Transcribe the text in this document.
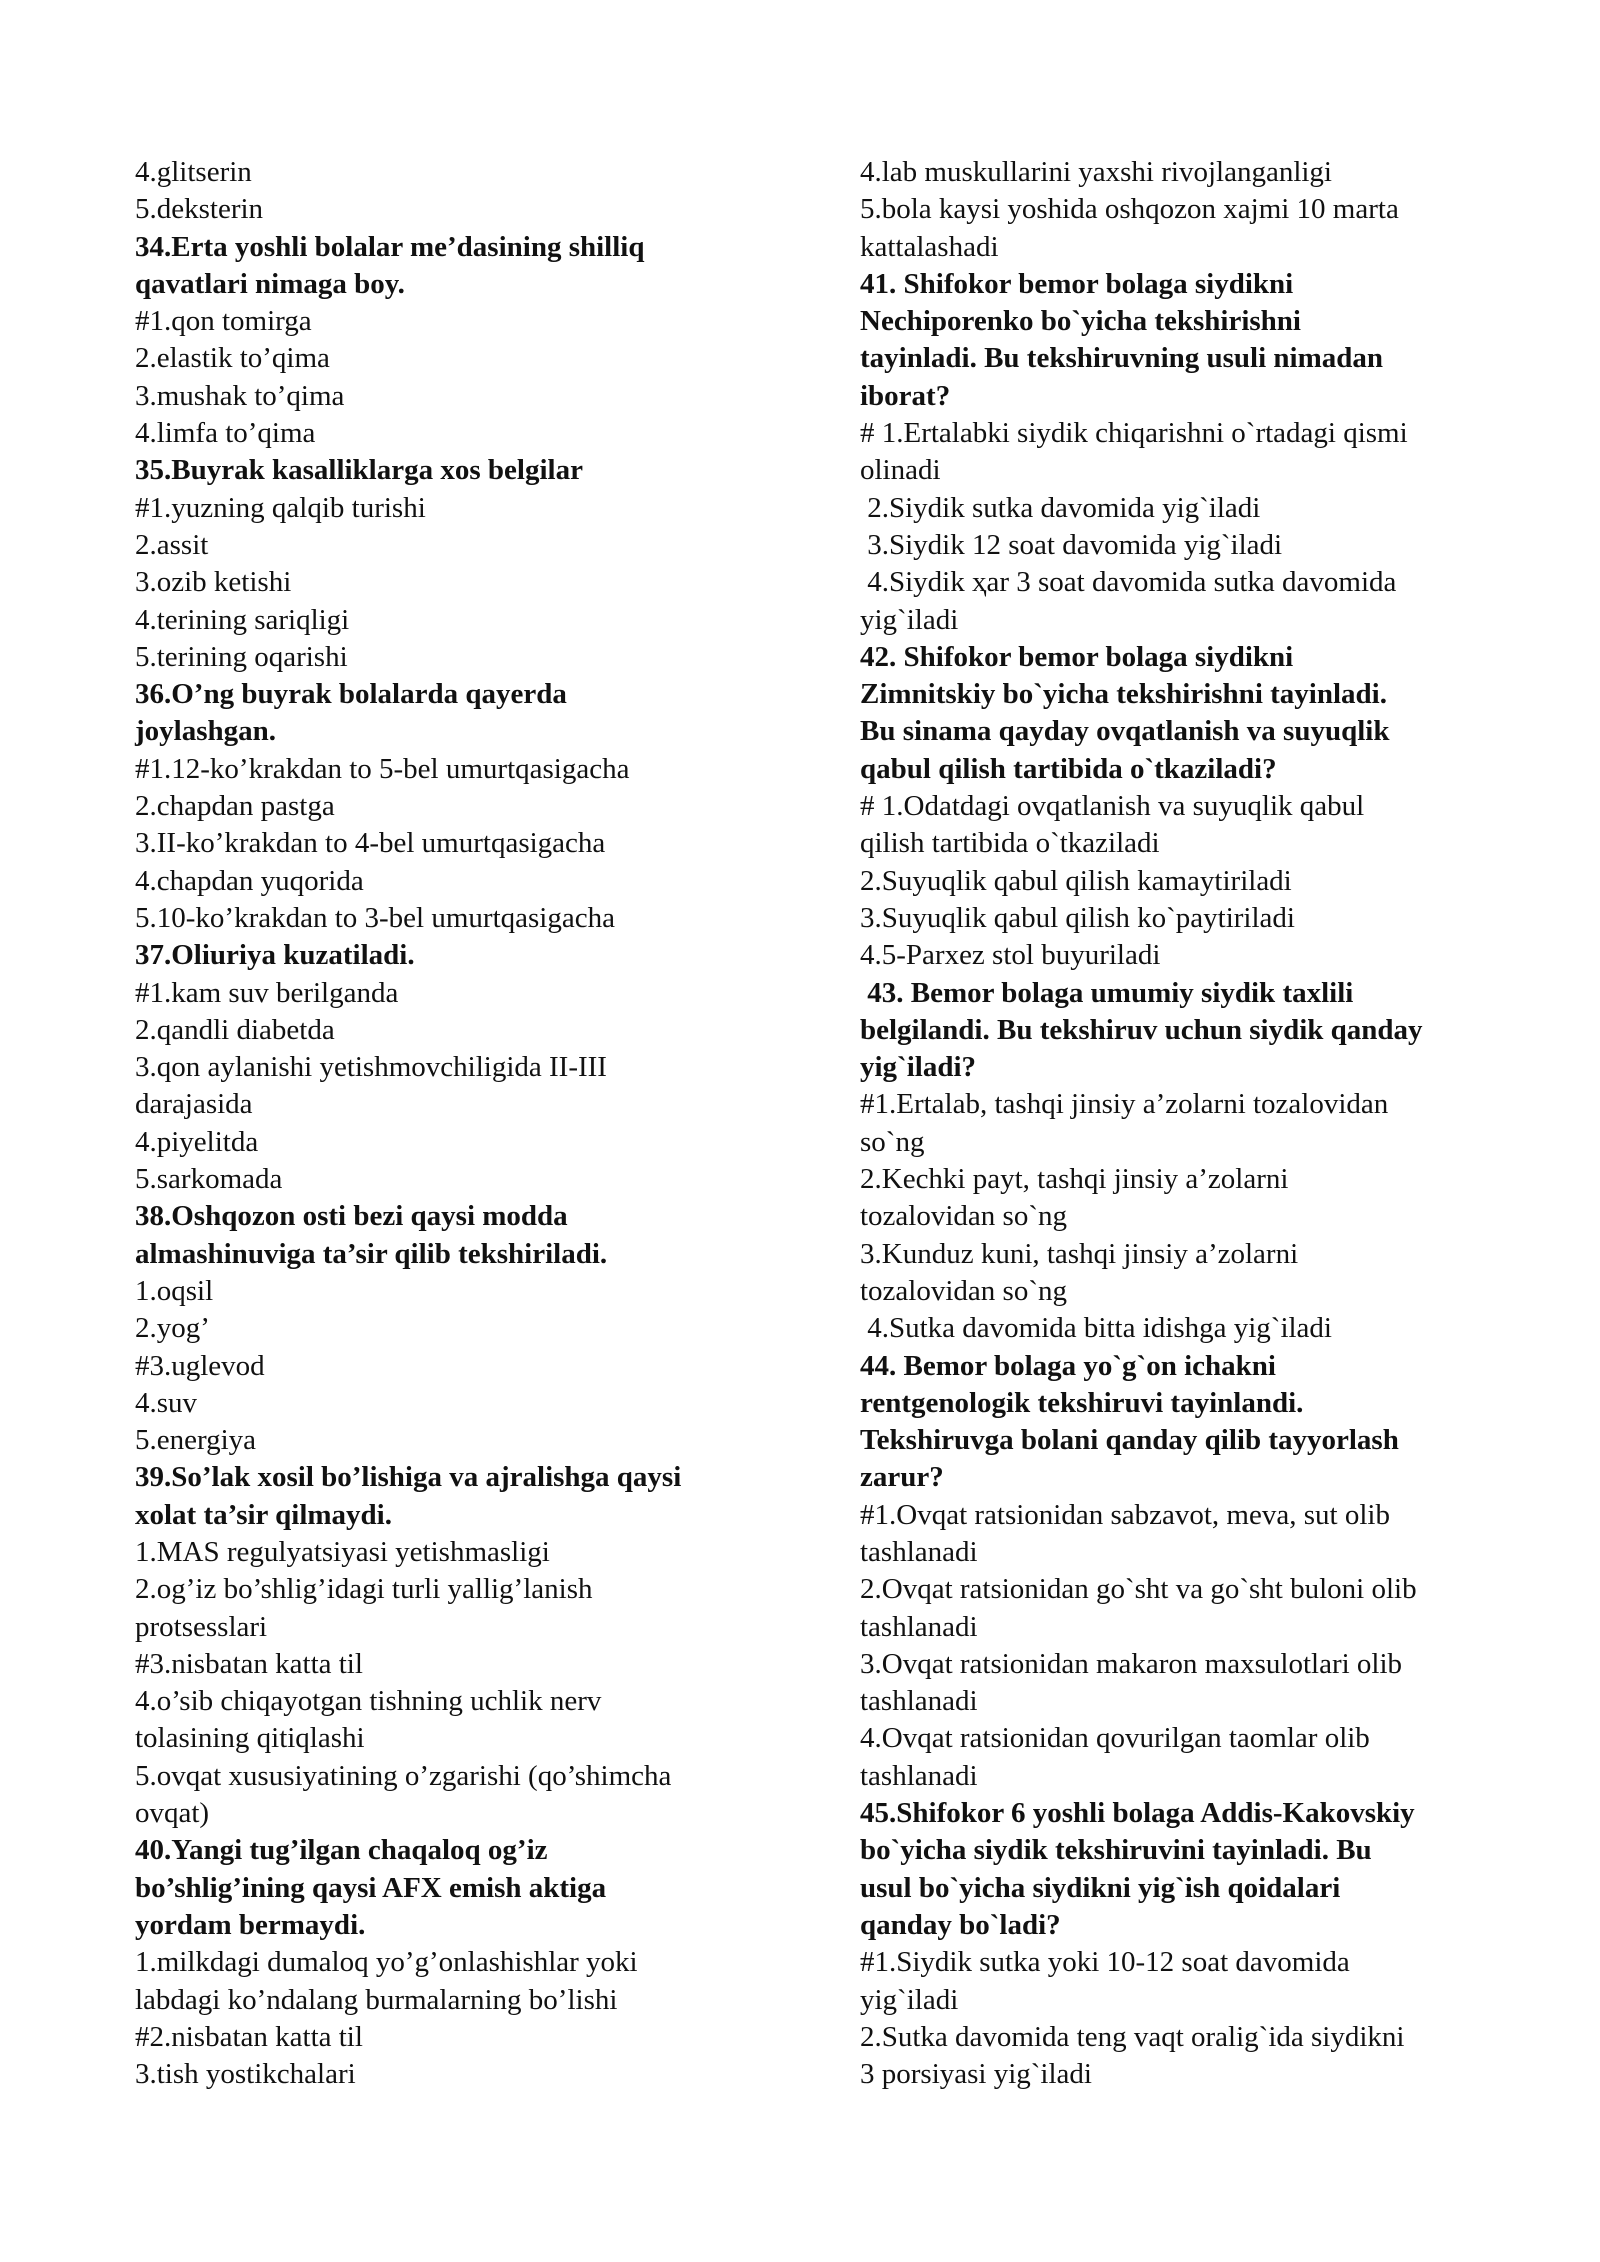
4.glitserin
5.deksterin
34.Erta yoshli bolalar me’dasining shilliq
qavatlari nimaga boy.
#1.qon tomirga
2.elastik to’qima
3.mushak to’qima
4.limfa to’qima
35.Buyrak kasalliklarga xos belgilar
#1.yuzning qalqib turishi
2.assit
3.ozib ketishi
4.terining sariqligi
5.terining oqarishi
36.O’ng buyrak bolalarda qayerda
joylashgan.
#1.12-ko’krakdan to 5-bel umurtqasigacha
2.chapdan pastga
3.II-ko’krakdan to 4-bel umurtqasigacha
4.chapdan yuqorida
5.10-ko’krakdan to 3-bel umurtqasigacha
37.Oliuriya kuzatiladi.
#1.kam suv berilganda
2.qandli diabetda
3.qon aylanishi yetishmovchiligida II-III
darajasida
4.piyelitda
5.sarkomada
38.Oshqozon osti bezi qaysi modda
almashinuviga ta’sir qilib tekshiriladi.
1.oqsil
2.yog’
#3.uglevod
4.suv
5.energiya
39.So’lak xosil bo’lishiga va ajralishga qaysi
xolat ta’sir qilmaydi.
1.MAS regulyatsiyasi yetishmasligi
2.og’iz bo’shlig’idagi turli yallig’lanish
protsesslari
#3.nisbatan katta til
4.o’sib chiqayotgan tishning uchlik nerv
tolasining qitiqlashi
5.ovqat xususiyatining o’zgarishi (qo’shimcha
ovqat)
40.Yangi tug’ilgan chaqaloq og’iz
bo’shlig’ining qaysi AFX emish aktiga
yordam bermaydi.
1.milkdagi dumaloq yo’g’onlashishlar yoki
labdagi ko’ndalang burmalarning bo’lishi
#2.nisbatan katta til
3.tish yostikchalari
4.lab muskullarini yaxshi rivojlanganligi
5.bola kaysi yoshida oshqozon xajmi 10 marta
kattalashadi
41. Shifokor bemor bolaga siydikni
Nechiporenko bo`yicha tekshirishni
tayinladi. Bu tekshiruvning usuli nimadan
iborat?
# 1.Ertalabki siydik chiqarishni o`rtadagi qismi
olinadi
2.Siydik sutka davomida yig`iladi
3.Siydik 12 soat davomida yig`iladi
4.Siydik ҳar 3 soat davomida sutka davomida
yig`iladi
42. Shifokor bemor bolaga siydikni
Zimnitskiy bo`yicha tekshirishni tayinladi.
Bu sinama qayday ovqatlanish va suyuqlik
qabul qilish tartibida o`tkaziladi?
# 1.Odatdagi ovqatlanish va suyuqlik qabul
qilish tartibida o`tkaziladi
2.Suyuqlik qabul qilish kamaytiriladi
3.Suyuqlik qabul qilish ko`paytiriladi
4.5-Parxez stol buyuriladi
43. Bemor bolaga umumiy siydik taxlili
belgilandi. Bu tekshiruv uchun siydik qanday
yig`iladi?
#1.Ertalab, tashqi jinsiy a’zolarni tozalovidan
so`ng
2.Kechki payt, tashqi jinsiy a’zolarni
tozalovidan so`ng
3.Kunduz kuni, tashqi jinsiy a’zolarni
tozalovidan so`ng
4.Sutka davomida bitta idishga yig`iladi
44. Bemor bolaga yo`g`on ichakni
rentgenologik tekshiruvi tayinlandi.
Tekshiruvga bolani qanday qilib tayyorlash
zarur?
#1.Ovqat ratsionidan sabzavot, meva, sut olib
tashlanadi
2.Ovqat ratsionidan go`sht va go`sht buloni olib
tashlanadi
3.Ovqat ratsionidan makaron maxsulotlari olib
tashlanadi
4.Ovqat ratsionidan qovurilgan taomlar olib
tashlanadi
45.Shifokor 6 yoshli bolaga Addis-Kakovskiy
bo`yicha siydik tekshiruvini tayinladi. Bu
usul bo`yicha siydikni yig`ish qoidalari
qanday bo`ladi?
#1.Siydik sutka yoki 10-12 soat davomida
yig`iladi
2.Sutka davomida teng vaqt oralig`ida siydikni
3 porsiyasi yig`iladi
